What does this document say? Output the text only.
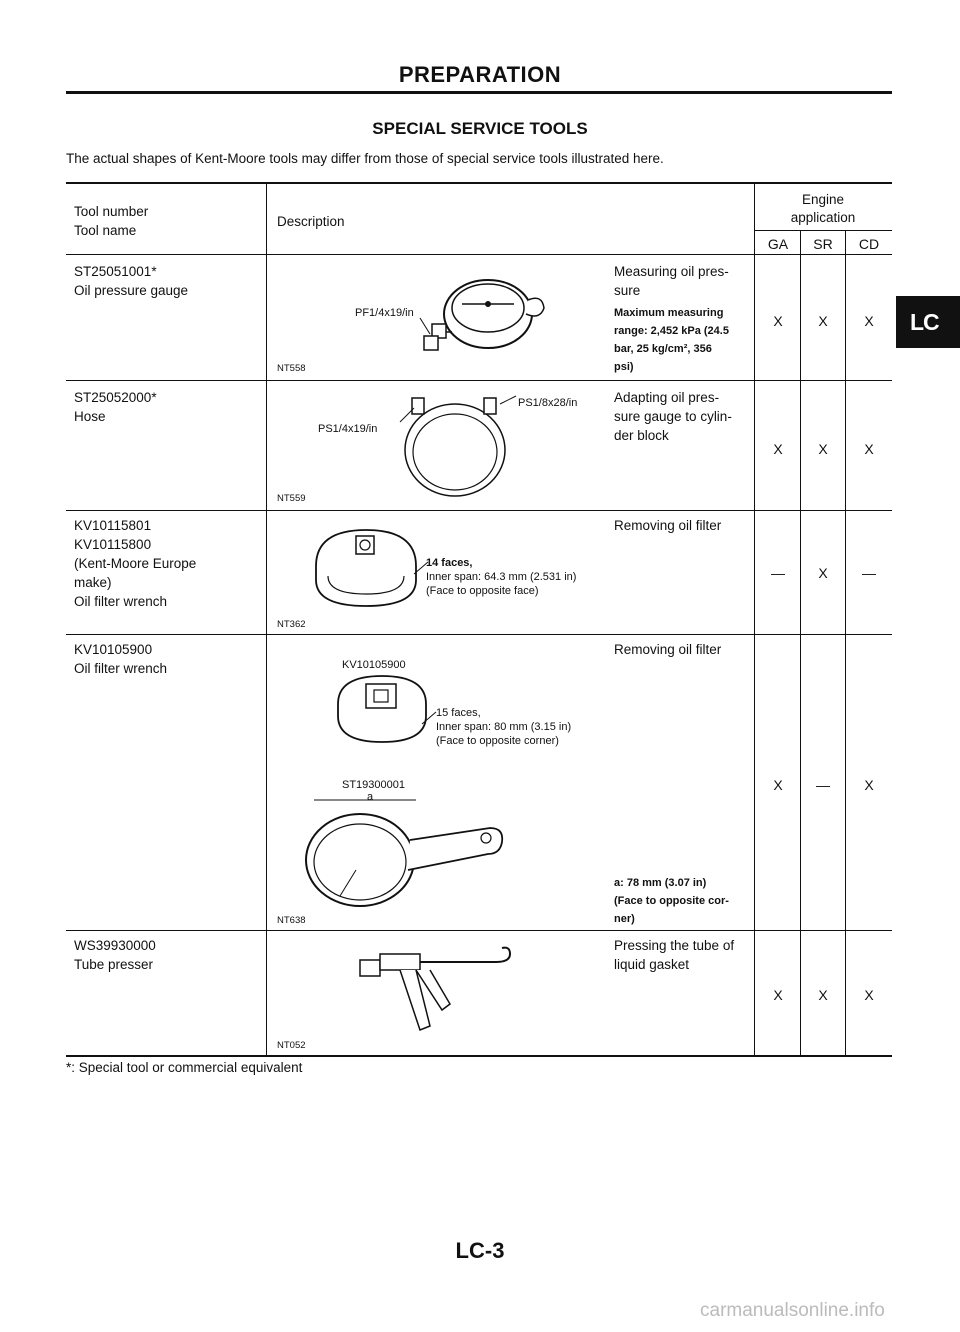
PREPARATION
SPECIAL SERVICE TOOLS
The actual shapes of Kent-Moore tools may differ from those of special service tools illustrated here.
LC
Tool number
Tool name
Description
Engine
application
GA	SR	CD
ST25051001*
Oil pressure gauge
Measuring oil pres-
sure
Maximum measuring
range: 2,452 kPa (24.5
bar, 25 kg/cm², 356
psi)
PF1/4x19/in
NT558
X	X	X
ST25052000*
Hose
Adapting oil pres-
sure gauge to cylin-
der block
PS1/4x19/in
PS1/8x28/in
NT559
X	X	X
KV10115801
KV10115800
(Kent-Moore Europe
make)
Oil filter wrench
Removing oil filter
14 faces,
Inner span: 64.3 mm (2.531 in)
(Face to opposite face)
NT362
—	X	—
KV10105900
Oil filter wrench
Removing oil filter
KV10105900
15 faces,
Inner span: 80 mm (3.15 in)
(Face to opposite corner)
ST19300001
a
a: 78 mm (3.07 in)
(Face to opposite cor-
ner)
NT638
X	—	X
WS39930000
Tube presser
Pressing the tube of
liquid gasket
NT052
X	X	X
*: Special tool or commercial equivalent
LC-3
carmanualsonline.info
